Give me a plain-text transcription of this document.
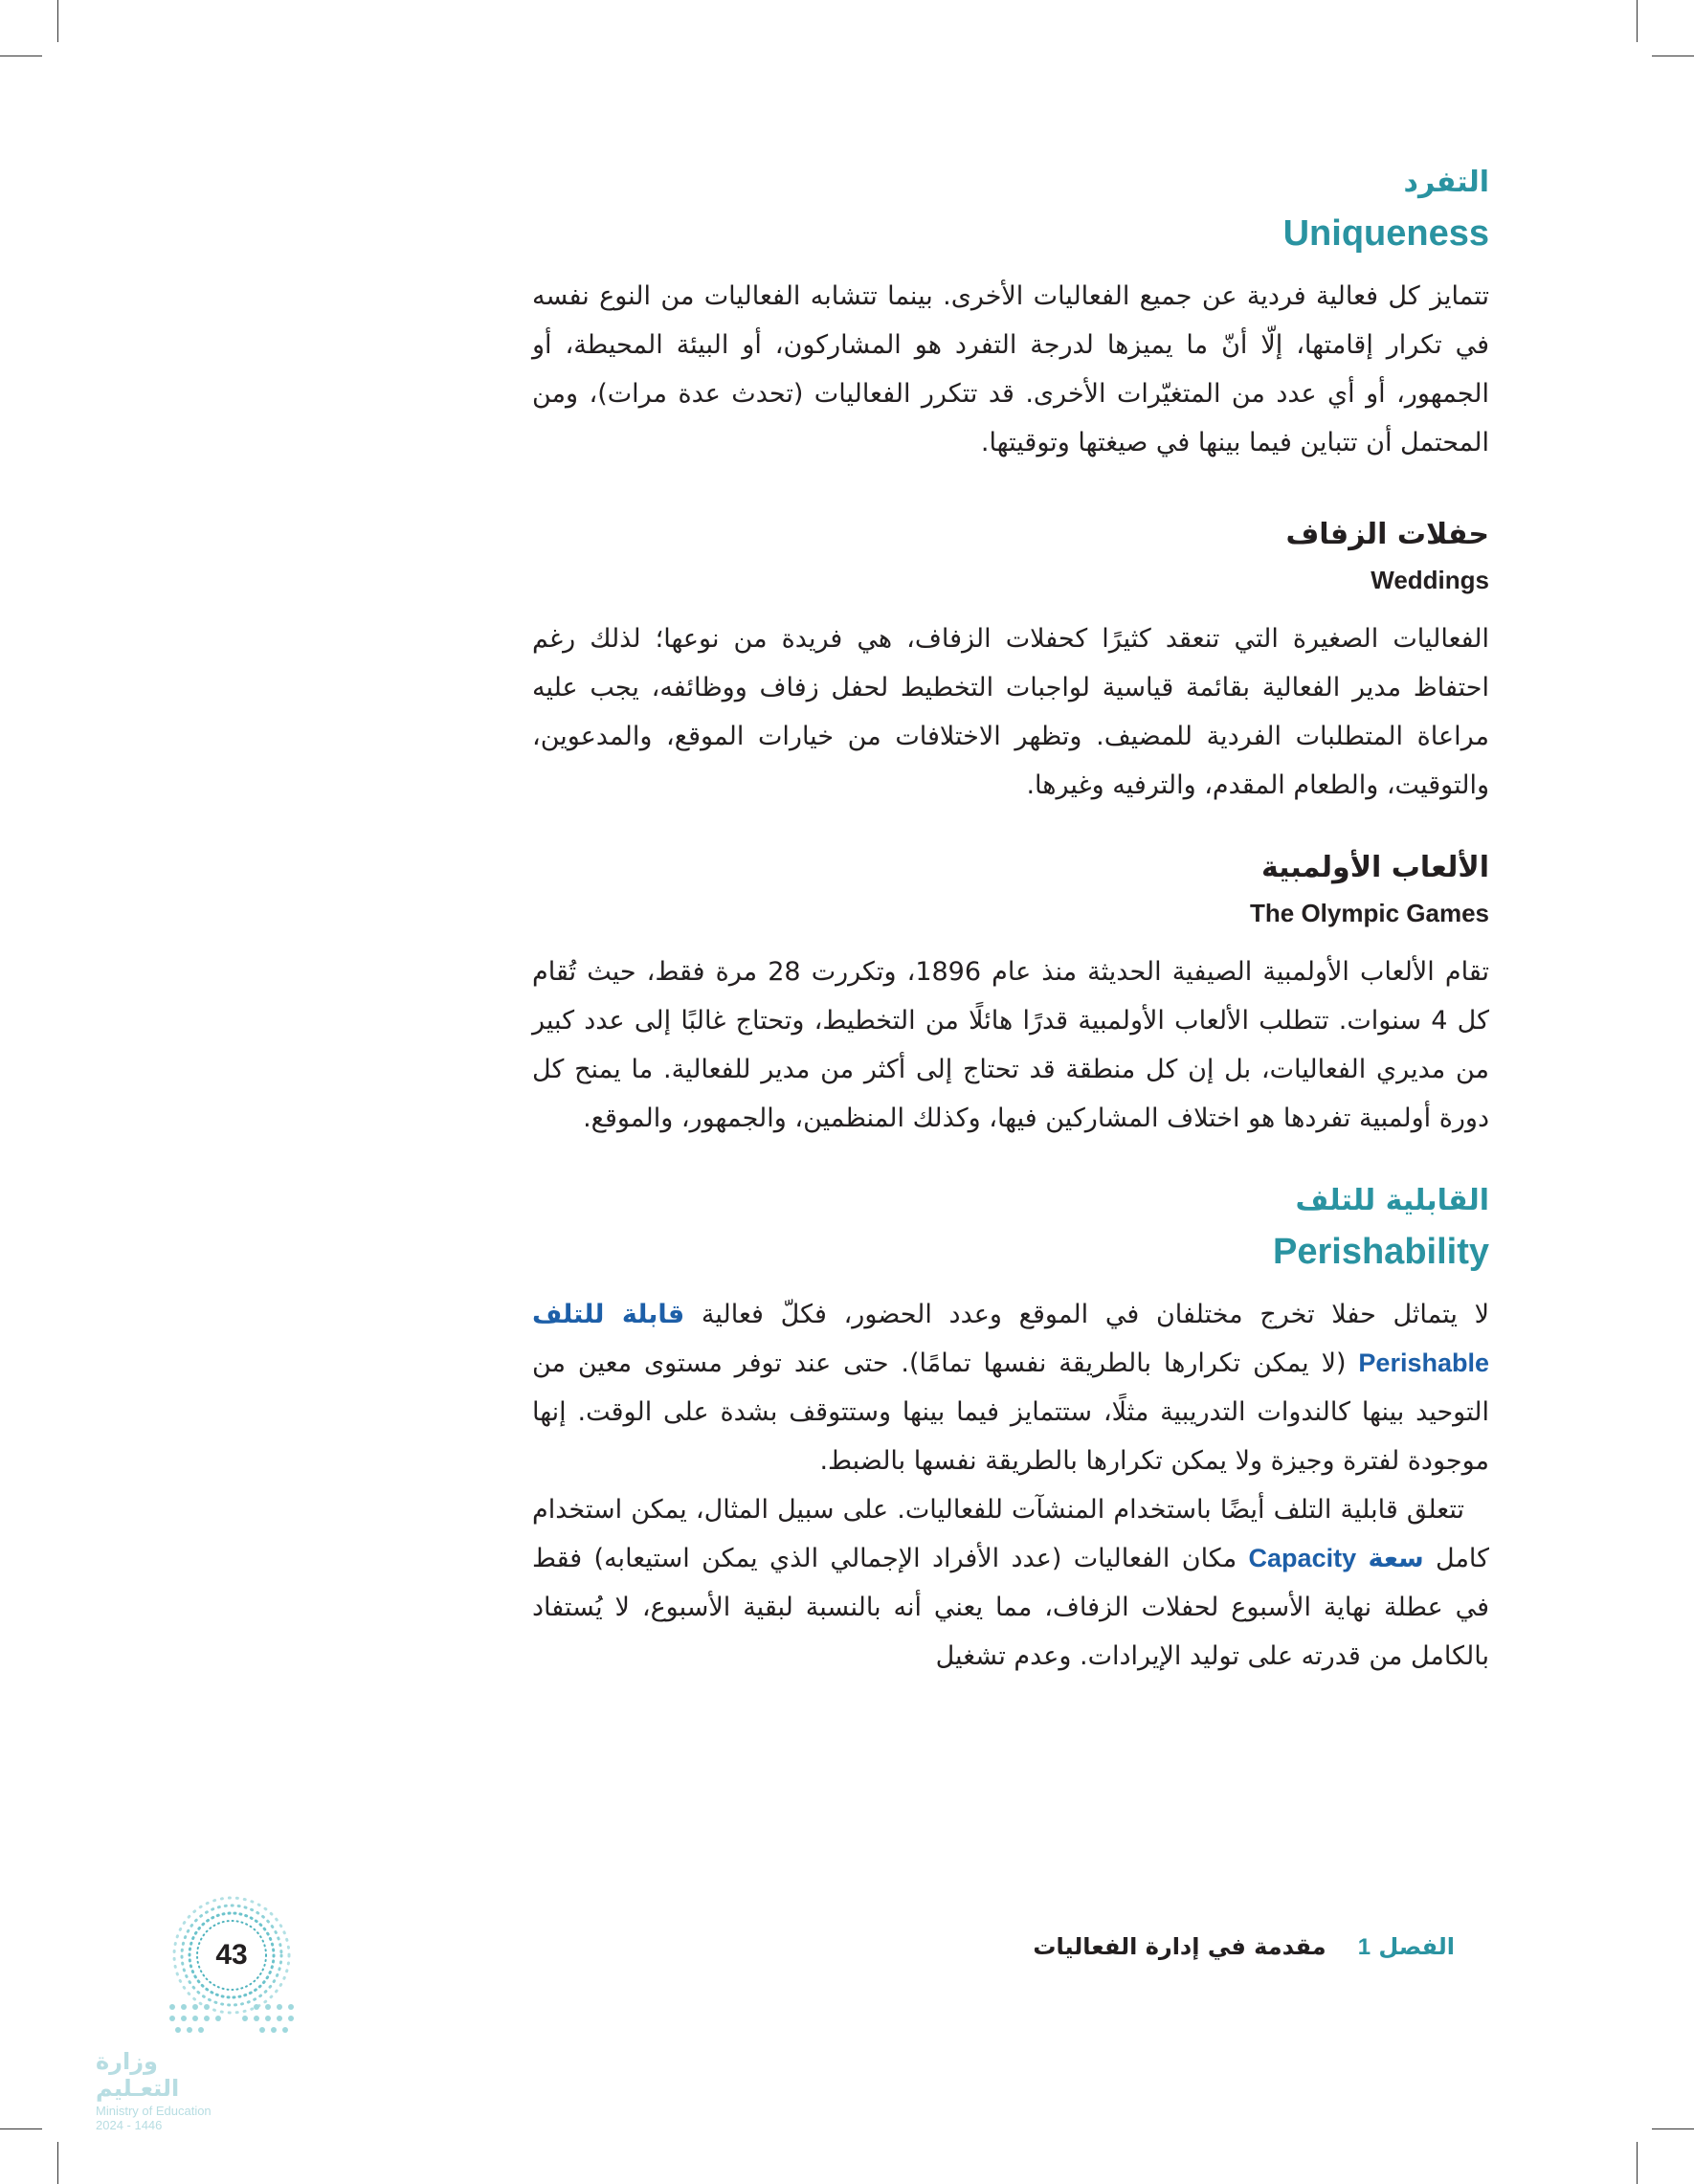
التفرد
Uniqueness

تتمايز كل فعالية فردية عن جميع الفعاليات الأخرى. بينما تتشابه الفعاليات من النوع نفسه في تكرار إقامتها، إلّا أنّ ما يميزها لدرجة التفرد هو المشاركون، أو البيئة المحيطة، أو الجمهور، أو أي عدد من المتغيّرات الأخرى. قد تتكرر الفعاليات (تحدث عدة مرات)، ومن المحتمل أن تتباين فيما بينها في صيغتها وتوقيتها.

حفلات الزفاف
Weddings

الفعاليات الصغيرة التي تنعقد كثيرًا كحفلات الزفاف، هي فريدة من نوعها؛ لذلك رغم احتفاظ مدير الفعالية بقائمة قياسية لواجبات التخطيط لحفل زفاف ووظائفه، يجب عليه مراعاة المتطلبات الفردية للمضيف. وتظهر الاختلافات من خيارات الموقع، والمدعوين، والتوقيت، والطعام المقدم، والترفيه وغيرها.

الألعاب الأولمبية
The Olympic Games

تقام الألعاب الأولمبية الصيفية الحديثة منذ عام 1896، وتكررت 28 مرة فقط، حيث تُقام كل 4 سنوات. تتطلب الألعاب الأولمبية قدرًا هائلًا من التخطيط، وتحتاج غالبًا إلى عدد كبير من مديري الفعاليات، بل إن كل منطقة قد تحتاج إلى أكثر من مدير للفعالية. ما يمنح كل دورة أولمبية تفردها هو اختلاف المشاركين فيها، وكذلك المنظمين، والجمهور، والموقع.

القابلية للتلف
Perishability

لا يتماثل حفلا تخرج مختلفان في الموقع وعدد الحضور، فكلّ فعالية قابلة للتلف Perishable (لا يمكن تكرارها بالطريقة نفسها تمامًا). حتى عند توفر مستوى معين من التوحيد بينها كالندوات التدريبية مثلًا، ستتمايز فيما بينها وستتوقف بشدة على الوقت. إنها موجودة لفترة وجيزة ولا يمكن تكرارها بالطريقة نفسها بالضبط.

تتعلق قابلية التلف أيضًا باستخدام المنشآت للفعاليات. على سبيل المثال، يمكن استخدام كامل سعة Capacity مكان الفعاليات (عدد الأفراد الإجمالي الذي يمكن استيعابه) فقط في عطلة نهاية الأسبوع لحفلات الزفاف، مما يعني أنه بالنسبة لبقية الأسبوع، لا يُستفاد بالكامل من قدرته على توليد الإيرادات. وعدم تشغيل

الفصل 1 مقدمة في إدارة الفعاليات
43
وزارة التعـليم
Ministry of Education
2024 - 1446
